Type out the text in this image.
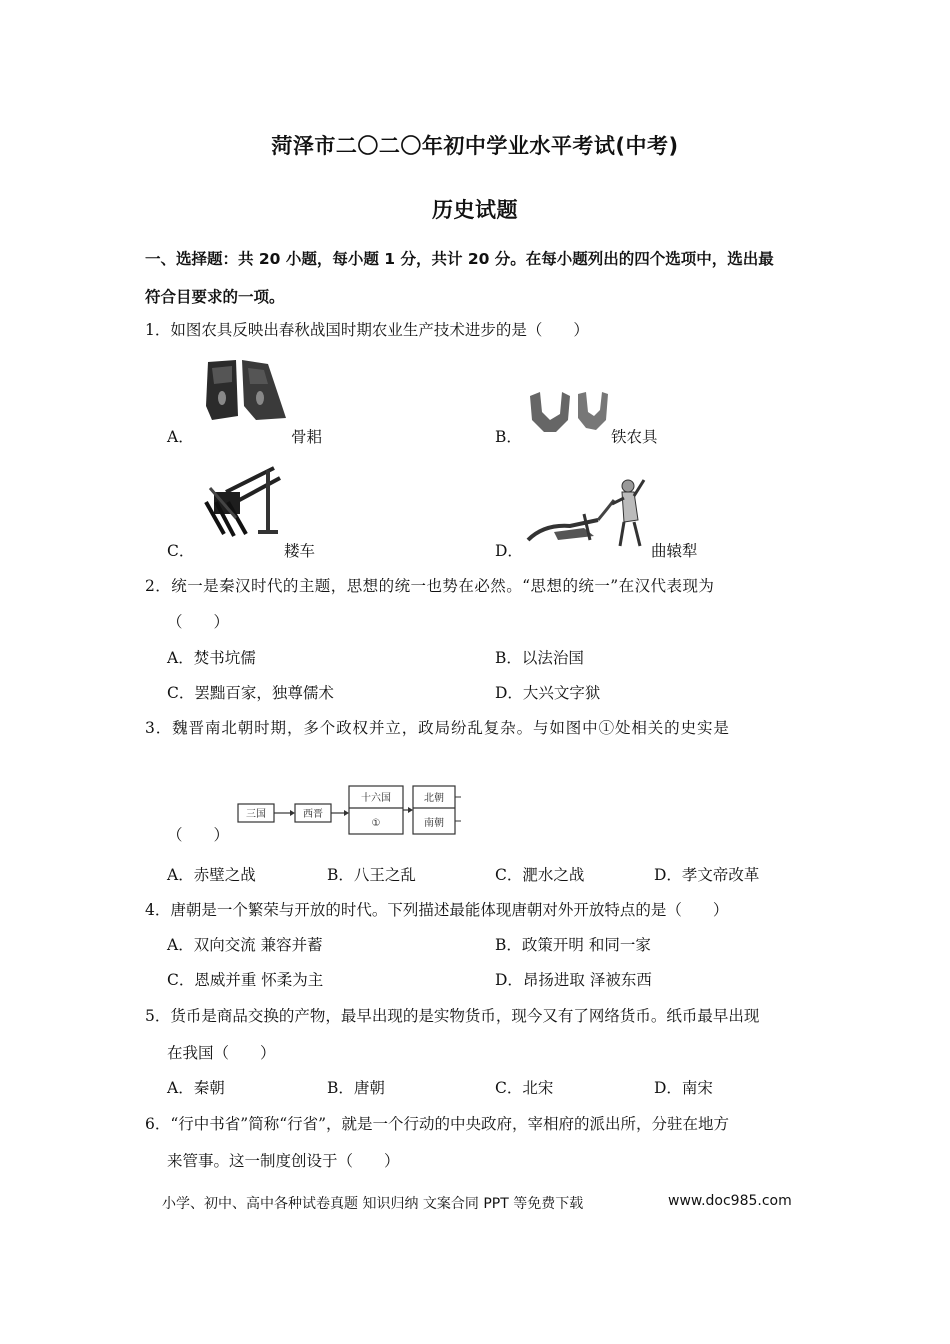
菏泽市二〇二〇年初中学业水平考试(中考)
历史试题
一、选择题：共 20 小题，每小题 1 分，共计 20 分。在每小题列出的四个选项中，选出最
符合目要求的一项。
1．如图农具反映出春秋战国时期农业生产技术进步的是（　　）
A．	骨耜	B．	铁农具
C．	耧车	D．	曲辕犁
2．统一是秦汉时代的主题，思想的统一也势在必然。“思想的统一”在汉代表现为
（　　）
A．焚书坑儒	B．以法治国
C．罢黜百家，独尊儒术	D．大兴文字狱
3．魏晋南北朝时期，多个政权并立，政局纷乱复杂。与如图中①处相关的史实是
三国	西晋
十六国
①
北朝
南朝
（　　）
A．赤壁之战	B．八王之乱	C．淝水之战	D．孝文帝改革
4．唐朝是一个繁荣与开放的时代。下列描述最能体现唐朝对外开放特点的是（　　）
A．双向交流 兼容并蓄	B．政策开明 和同一家
C．恩威并重 怀柔为主	D．昂扬进取 泽被东西
5．货币是商品交换的产物，最早出现的是实物货币，现今又有了网络货币。纸币最早出现
在我国（　　）
A．秦朝	B．唐朝	C．北宋	D．南宋
6．“行中书省”简称“行省”，就是一个行动的中央政府，宰相府的派出所，分驻在地方
来管事。这一制度创设于（　　）
小学、初中、高中各种试卷真题 知识归纳 文案合同 PPT 等免费下载	www.doc985.com
